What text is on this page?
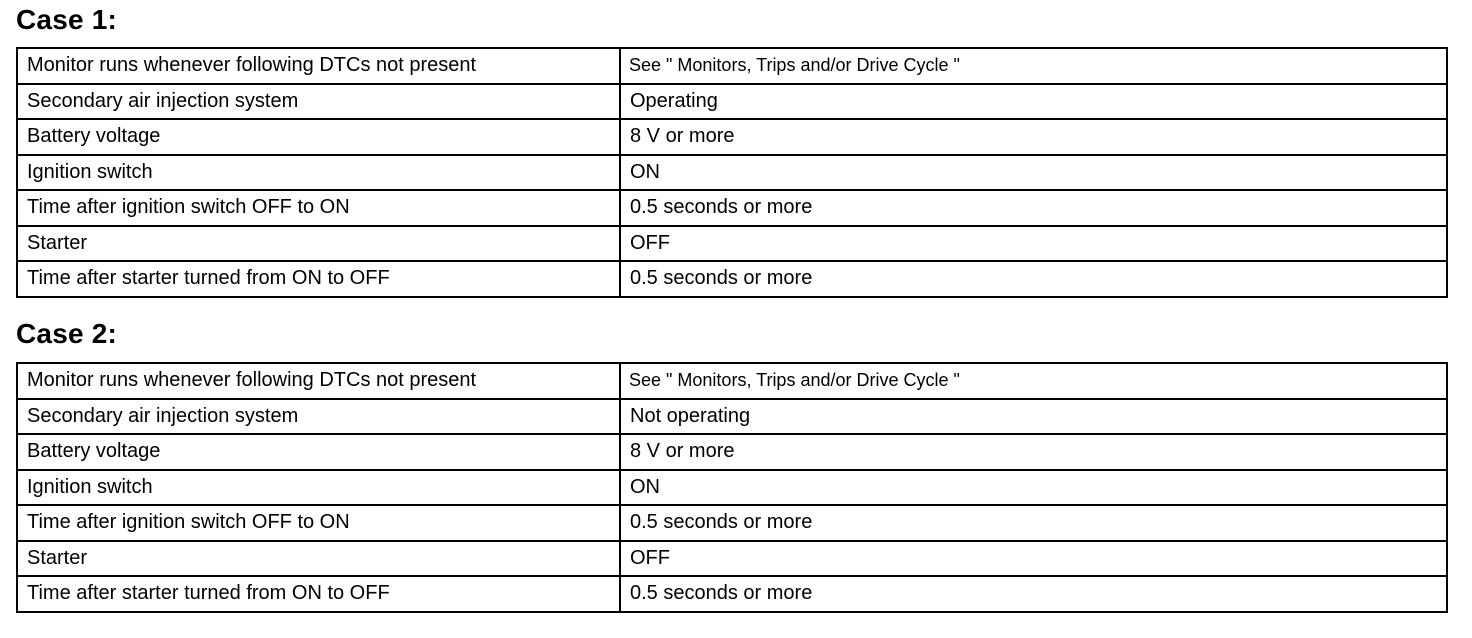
Case 1:
Monitor runs whenever following DTCs not present	See " Monitors, Trips and/or Drive Cycle "
Secondary air injection system	Operating
Battery voltage	8 V or more
Ignition switch	ON
Time after ignition switch OFF to ON	0.5 seconds or more
Starter	OFF
Time after starter turned from ON to OFF	0.5 seconds or more
Case 2:
Monitor runs whenever following DTCs not present	See " Monitors, Trips and/or Drive Cycle "
Secondary air injection system	Not operating
Battery voltage	8 V or more
Ignition switch	ON
Time after ignition switch OFF to ON	0.5 seconds or more
Starter	OFF
Time after starter turned from ON to OFF	0.5 seconds or more
